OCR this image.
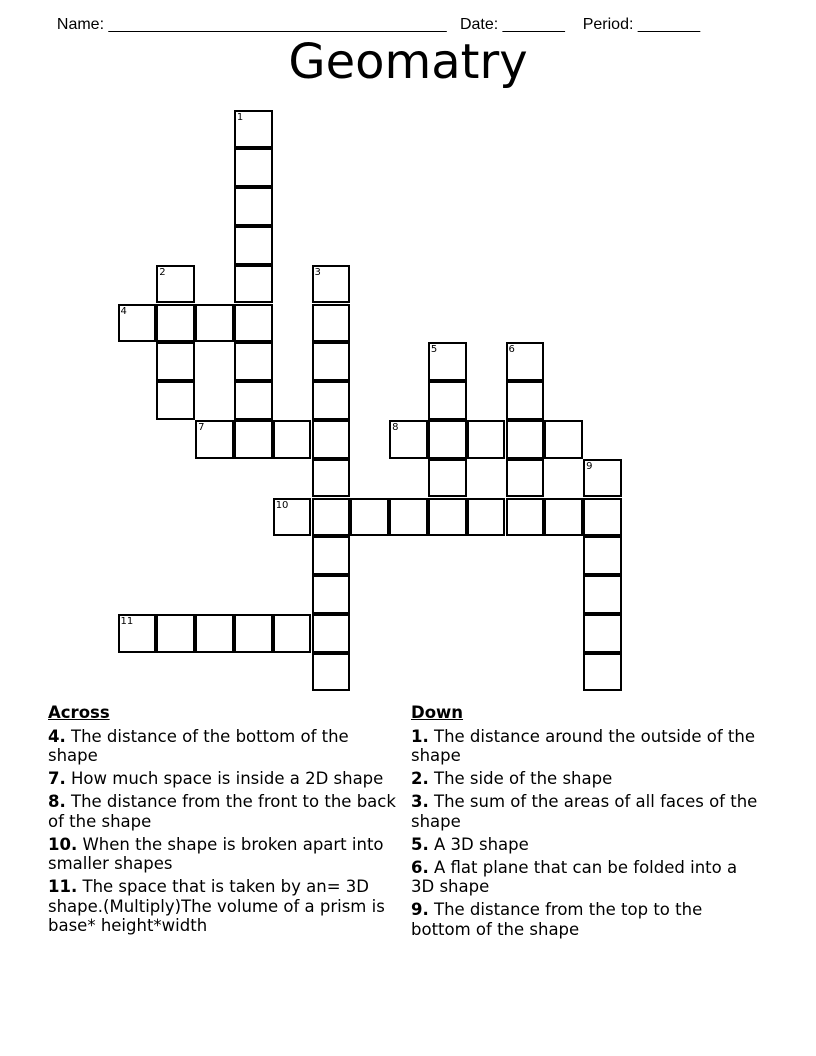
Name: ______________________________________ Date: _______ Period: _______

Geomatry
1
2	3
4
7
5	6
8
9
10
11
Across
4. The distance of the bottom of the shape
7. How much space is inside a 2D shape
8. The distance from the front to the back of the shape
10. When the shape is broken apart into smaller shapes
11. The space that is taken by an= 3D shape.(Multiply)The volume of a prism is base* height*width
Down
1. The distance around the outside of the shape
2. The side of the shape
3. The sum of the areas of all faces of the shape
5. A 3D shape
6. A flat plane that can be folded into a 3D shape
9. The distance from the top to the bottom of the shape
